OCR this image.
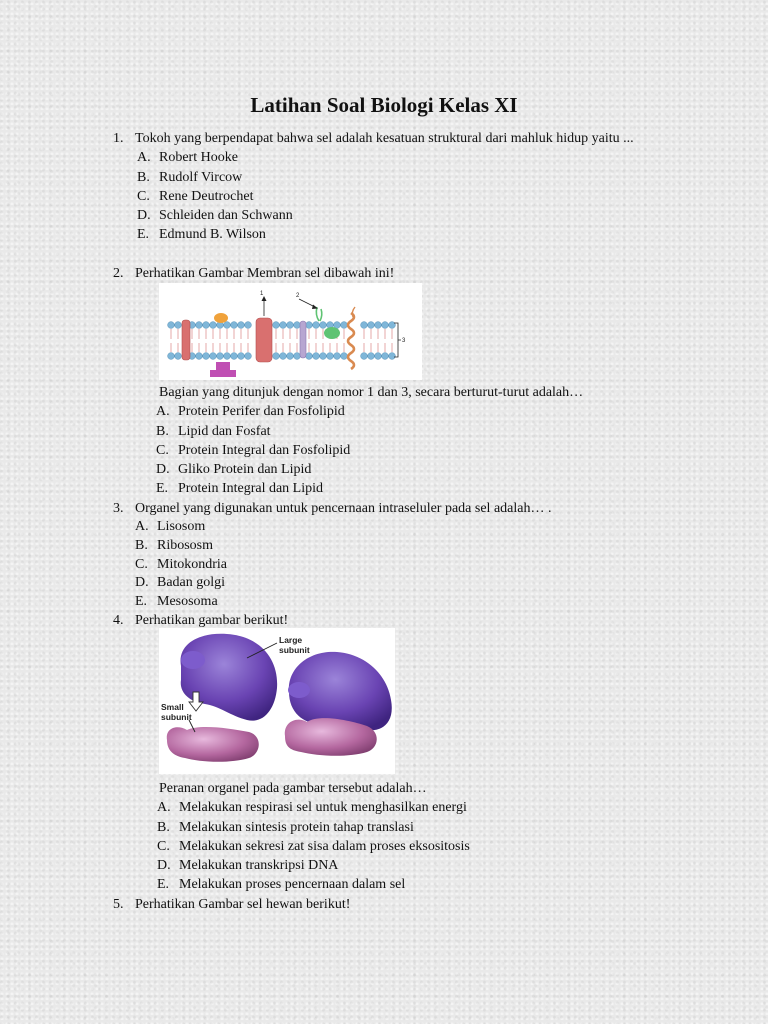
Latihan Soal Biologi Kelas XI
1. Tokoh yang berpendapat bahwa sel adalah kesatuan struktural dari mahluk hidup yaitu ...
A. Robert Hooke
B. Rudolf Vircow
C. Rene Deutrochet
D. Schleiden dan Schwann
E. Edmund B. Wilson
2. Perhatikan Gambar Membran sel dibawah ini!
1	2
3
Bagian yang ditunjuk dengan nomor 1 dan 3, secara berturut-turut adalah…
A. Protein Perifer dan Fosfolipid
B. Lipid dan Fosfat
C. Protein Integral dan Fosfolipid
D. Gliko Protein dan Lipid
E. Protein Integral dan Lipid
3. Organel yang digunakan untuk pencernaan intraseluler pada sel adalah… .
A. Lisosom
B. Ribososm
C. Mitokondria
D. Badan golgi
E. Mesosoma
4. Perhatikan gambar berikut!
Large
subunit
Small
subunit
Peranan organel pada gambar tersebut adalah…
A. Melakukan respirasi sel untuk menghasilkan energi
B. Melakukan sintesis protein tahap translasi
C. Melakukan sekresi zat sisa dalam proses eksositosis
D. Melakukan transkripsi DNA
E. Melakukan proses pencernaan dalam sel
5. Perhatikan Gambar sel hewan berikut!
